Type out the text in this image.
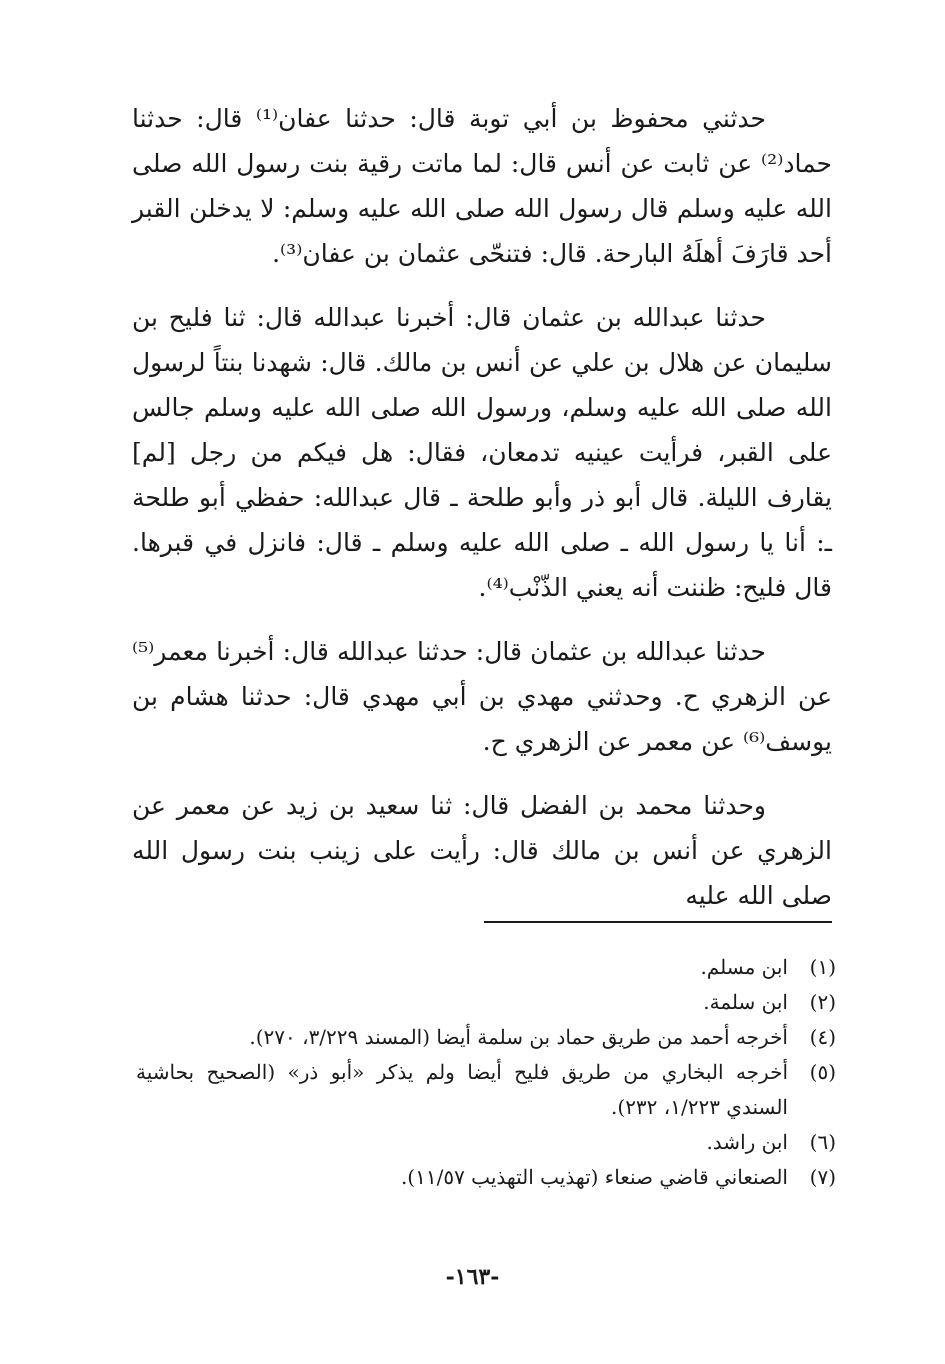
حدثني محفوظ بن أبي توبة قال: حدثنا عفان⁽¹⁾ قال: حدثنا حماد⁽²⁾ عن ثابت عن أنس قال: لما ماتت رقية بنت رسول الله صلى الله عليه وسلم قال رسول الله صلى الله عليه وسلم: لا يدخلن القبر أحد قارَفَ أهلَهُ البارحة. قال: فتنحّى عثمان بن عفان⁽³⁾.

حدثنا عبدالله بن عثمان قال: أخبرنا عبدالله قال: ثنا فليح بن سليمان عن هلال بن علي عن أنس بن مالك. قال: شهدنا بنتاً لرسول الله صلى الله عليه وسلم، ورسول الله صلى الله عليه وسلم جالس على القبر، فرأيت عينيه تدمعان، فقال: هل فيكم من رجل [لم] يقارف الليلة. قال أبو ذر وأبو طلحة ـ قال عبدالله: حفظي أبو طلحة ـ: أنا يا رسول الله ـ صلى الله عليه وسلم ـ قال: فانزل في قبرها. قال فليح: ظننت أنه يعني الذّنْب⁽⁴⁾.

حدثنا عبدالله بن عثمان قال: حدثنا عبدالله قال: أخبرنا معمر⁽⁵⁾ عن الزهري ح. وحدثني مهدي بن أبي مهدي قال: حدثنا هشام بن يوسف⁽⁶⁾ عن معمر عن الزهري ح.

وحدثنا محمد بن الفضل قال: ثنا سعيد بن زيد عن معمر عن الزهري عن أنس بن مالك قال: رأيت على زينب بنت رسول الله صلى الله عليه

(١)
ابن مسلم.
(٢)
ابن سلمة.
(٤)
أخرجه أحمد من طريق حماد بن سلمة أيضا (المسند ٣/٢٢٩، ٢٧٠).
(٥)
أخرجه البخاري من طريق فليح أيضا ولم يذكر «أبو ذر» (الصحيح بحاشية السندي ١/٢٢٣، ٢٣٢).
(٦)
ابن راشد.
(٧)
الصنعاني قاضي صنعاء (تهذيب التهذيب ١١/٥٧).
-١٦٣-
